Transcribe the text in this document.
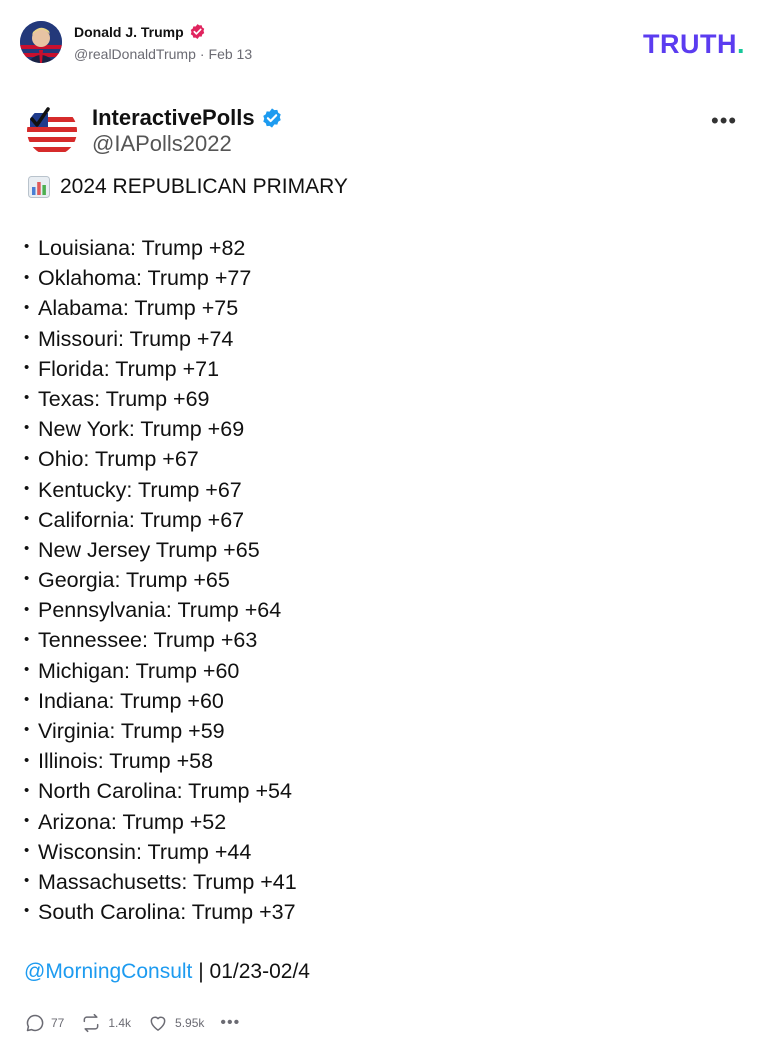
Donald J. Trump
@realDonaldTrump · Feb 13	TRUTH.
InteractivePolls
@IAPolls2022
•••
2024 REPUBLICAN PRIMARY
• Louisiana: Trump +82
• Oklahoma: Trump +77
• Alabama: Trump +75
• Missouri: Trump +74
• Florida: Trump +71
• Texas: Trump +69
• New York: Trump +69
• Ohio: Trump +67
• Kentucky: Trump +67
• California: Trump +67
• New Jersey Trump +65
• Georgia: Trump +65
• Pennsylvania: Trump +64
• Tennessee: Trump +63
• Michigan: Trump +60
• Indiana: Trump +60
• Virginia: Trump +59
• Illinois: Trump +58
• North Carolina: Trump +54
• Arizona: Trump +52
• Wisconsin: Trump +44
• Massachusetts: Trump +41
• South Carolina: Trump +37
@MorningConsult | 01/23-02/4
77	1.4k	5.95k •••
